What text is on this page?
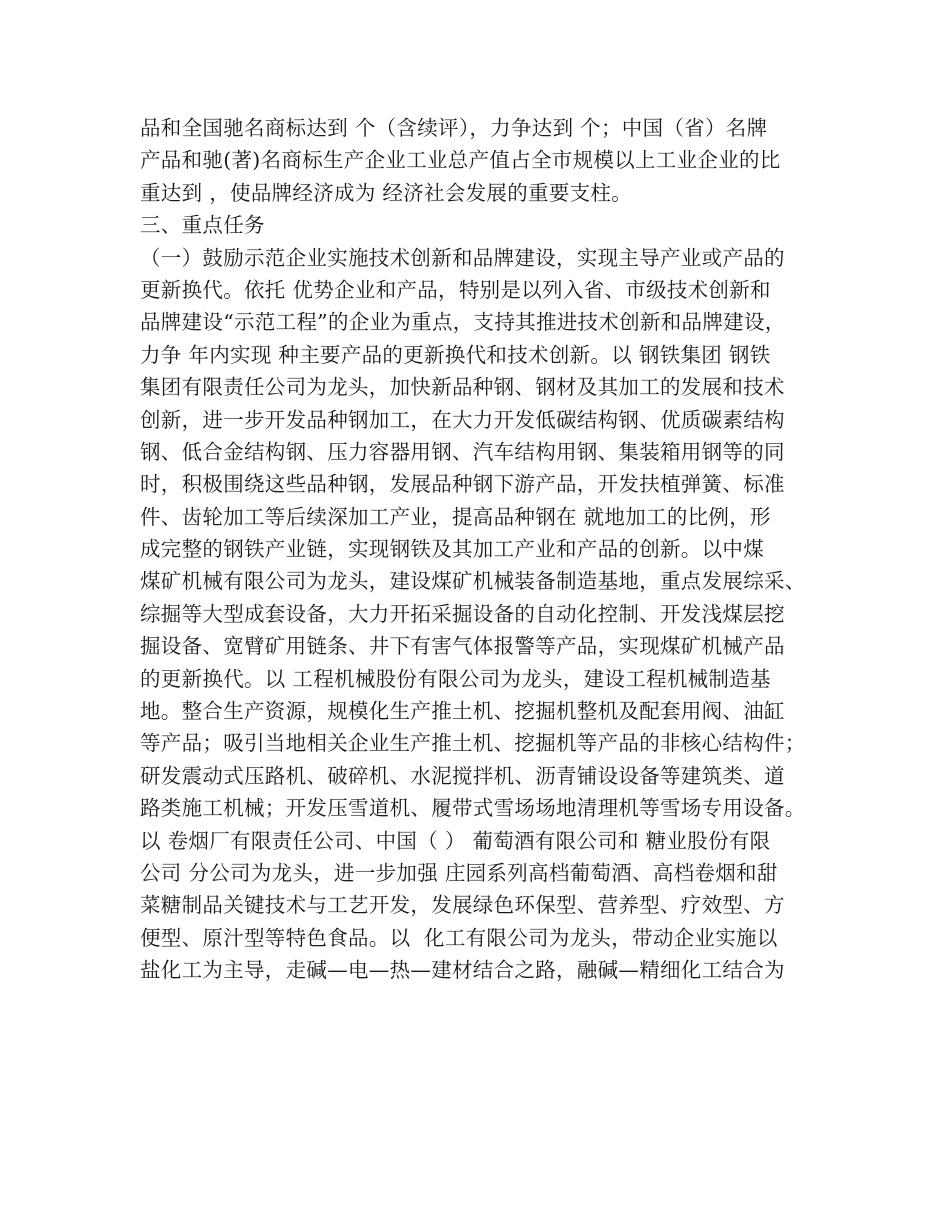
品和全国驰名商标达到 个（含续评），力争达到 个；中国（省）名牌
产品和驰(著)名商标生产企业工业总产值占全市规模以上工业企业的比
重达到 ，使品牌经济成为 经济社会发展的重要支柱。
三、重点任务
（一）鼓励示范企业实施技术创新和品牌建设，实现主导产业或产品的
更新换代。依托 优势企业和产品，特别是以列入省、市级技术创新和
品牌建设“示范工程”的企业为重点，支持其推进技术创新和品牌建设，
力争 年内实现 种主要产品的更新换代和技术创新。以 钢铁集团 钢铁
集团有限责任公司为龙头，加快新品种钢、钢材及其加工的发展和技术
创新，进一步开发品种钢加工，在大力开发低碳结构钢、优质碳素结构
钢、低合金结构钢、压力容器用钢、汽车结构用钢、集装箱用钢等的同
时，积极围绕这些品种钢，发展品种钢下游产品，开发扶植弹簧、标准
件、齿轮加工等后续深加工产业，提高品种钢在 就地加工的比例，形
成完整的钢铁产业链，实现钢铁及其加工产业和产品的创新。以中煤
煤矿机械有限公司为龙头，建设煤矿机械装备制造基地，重点发展综采、
综掘等大型成套设备，大力开拓采掘设备的自动化控制、开发浅煤层挖
掘设备、宽臂矿用链条、井下有害气体报警等产品，实现煤矿机械产品
的更新换代。以 工程机械股份有限公司为龙头，建设工程机械制造基
地。整合生产资源，规模化生产推土机、挖掘机整机及配套用阀、油缸
等产品；吸引当地相关企业生产推土机、挖掘机等产品的非核心结构件；
研发震动式压路机、破碎机、水泥搅拌机、沥青铺设设备等建筑类、道
路类施工机械；开发压雪道机、履带式雪场场地清理机等雪场专用设备。
以 卷烟厂有限责任公司、中国（ ） 葡萄酒有限公司和 糖业股份有限
公司 分公司为龙头，进一步加强 庄园系列高档葡萄酒、高档卷烟和甜
菜糖制品关键技术与工艺开发，发展绿色环保型、营养型、疗效型、方
便型、原汁型等特色食品。以  化工有限公司为龙头，带动企业实施以
盐化工为主导，走碱—电—热—建材结合之路，融碱—精细化工结合为
